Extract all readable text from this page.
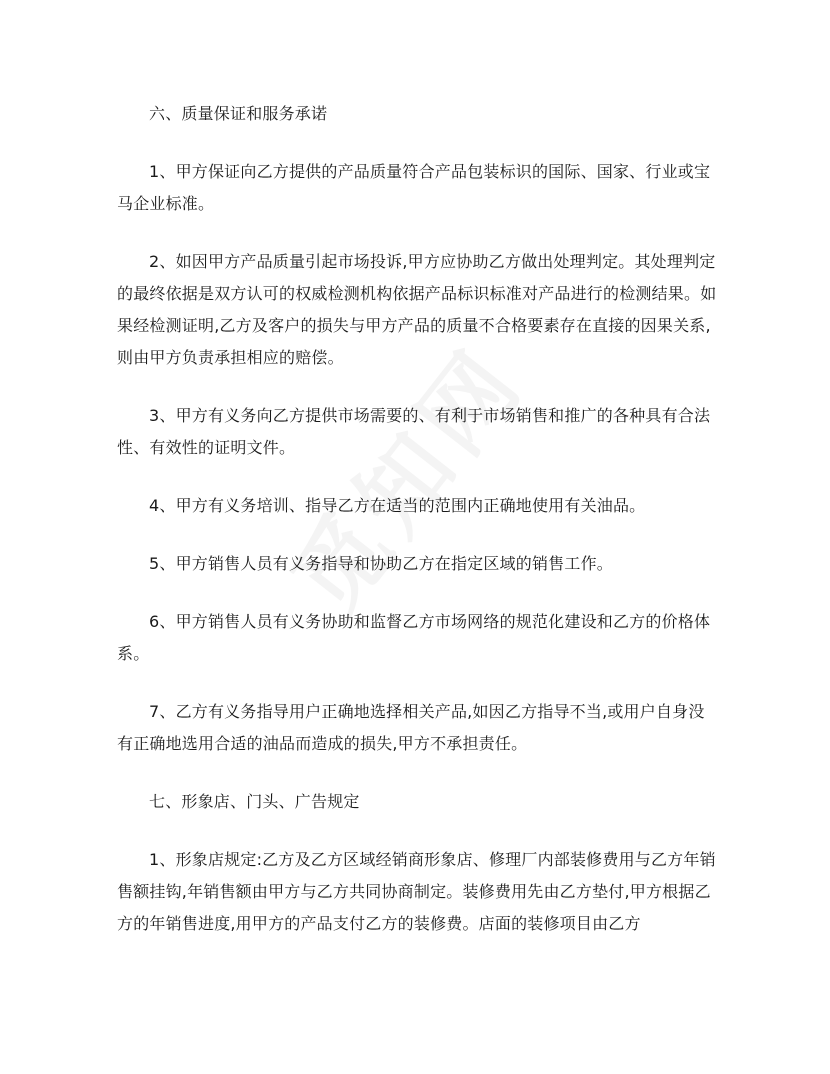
六、质量保证和服务承诺

1、甲方保证向乙方提供的产品质量符合产品包装标识的国际、国家、行业或宝马企业标准。

2、如因甲方产品质量引起市场投诉,甲方应协助乙方做出处理判定。其处理判定的最终依据是双方认可的权威检测机构依据产品标识标准对产品进行的检测结果。如果经检测证明,乙方及客户的损失与甲方产品的质量不合格要素存在直接的因果关系,则由甲方负责承担相应的赔偿。

3、甲方有义务向乙方提供市场需要的、有利于市场销售和推广的各种具有合法性、有效性的证明文件。

4、甲方有义务培训、指导乙方在适当的范围内正确地使用有关油品。

5、甲方销售人员有义务指导和协助乙方在指定区域的销售工作。

6、甲方销售人员有义务协助和监督乙方市场网络的规范化建设和乙方的价格体系。

7、乙方有义务指导用户正确地选择相关产品,如因乙方指导不当,或用户自身没有正确地选用合适的油品而造成的损失,甲方不承担责任。

七、形象店、门头、广告规定

1、形象店规定:乙方及乙方区域经销商形象店、修理厂内部装修费用与乙方年销售额挂钩,年销售额由甲方与乙方共同协商制定。装修费用先由乙方垫付,甲方根据乙方的年销售进度,用甲方的产品支付乙方的装修费。店面的装修项目由乙方
